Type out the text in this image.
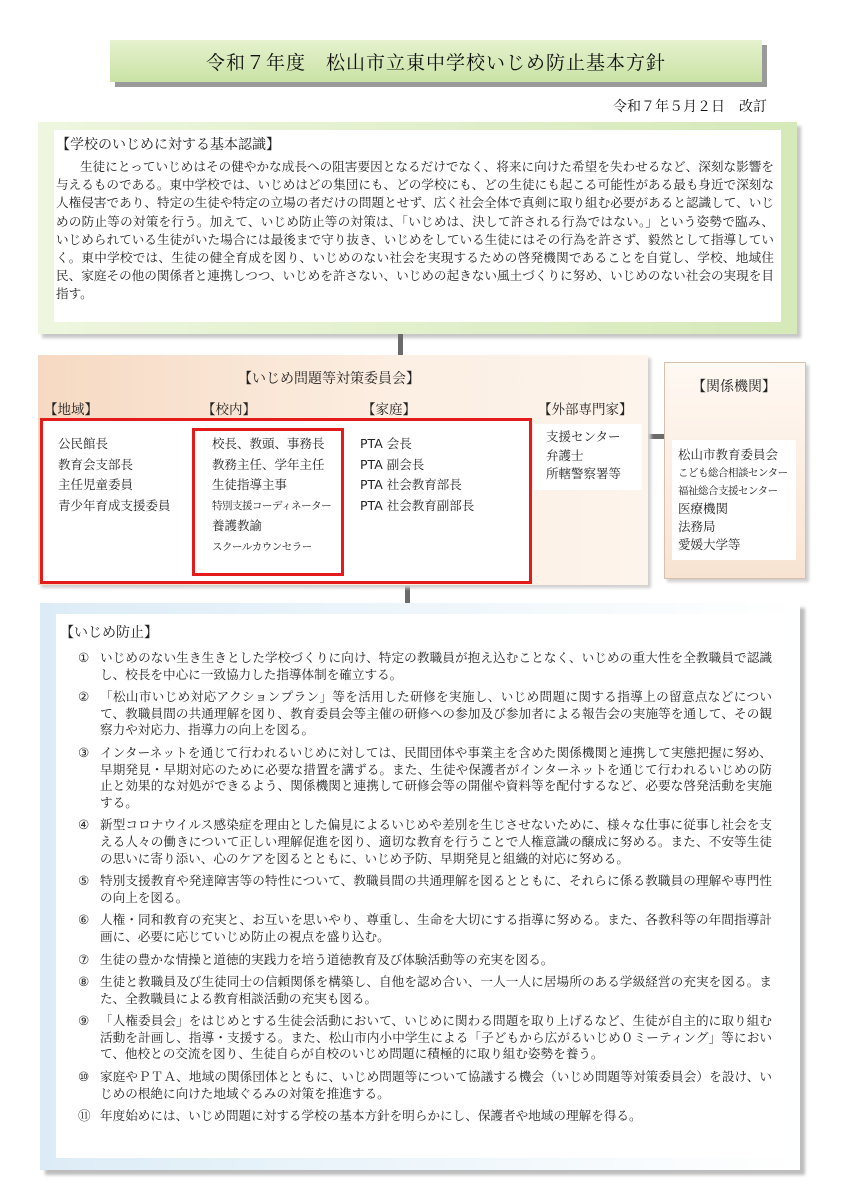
令和７年度　松山市立東中学校いじめ防止基本方針
令和７年５月２日　改訂
【学校のいじめに対する基本認識】
生徒にとっていじめはその健やかな成長への阻害要因となるだけでなく、将来に向けた希望を失わせるなど、深刻な影響を与えるものである。東中学校では、いじめはどの集団にも、どの学校にも、どの生徒にも起こる可能性がある最も身近で深刻な人権侵害であり、特定の生徒や特定の立場の者だけの問題とせず、広く社会全体で真剣に取り組む必要があると認識して、いじめの防止等の対策を行う。加えて、いじめ防止等の対策は、「いじめは、決して許される行為ではない。」という姿勢で臨み、いじめられている生徒がいた場合には最後まで守り抜き、いじめをしている生徒にはその行為を許さず、毅然として指導していく。東中学校では、生徒の健全育成を図り、いじめのない社会を実現するための啓発機関であることを自覚し、学校、地域住民、家庭その他の関係者と連携しつつ、いじめを許さない、いじめの起きない風土づくりに努め、いじめのない社会の実現を目指す。
【いじめ問題等対策委員会】
【地域】	【校内】	【家庭】	【外部専門家】
公民館長
教育会支部長
主任児童委員
青少年育成支援委員
校長、教頭、事務長
教務主任、学年主任
生徒指導主事
特別支援コーディネーター
養護教諭
スクールカウンセラー
PTA 会長
PTA 副会長
PTA 社会教育部長
PTA 社会教育副部長
支援センター
弁護士
所轄警察署等
【関係機関】
松山市教育委員会
こども総合相談センター
福祉総合支援センター
医療機関
法務局
愛媛大学等
【いじめ防止】
① いじめのない生き生きとした学校づくりに向け、特定の教職員が抱え込むことなく、いじめの重大性を全教職員で認識し、校長を中心に一致協力した指導体制を確立する。
② 「松山市いじめ対応アクションプラン」等を活用した研修を実施し、いじめ問題に関する指導上の留意点などについて、教職員間の共通理解を図り、教育委員会等主催の研修への参加及び参加者による報告会の実施等を通して、その観察力や対応力、指導力の向上を図る。
③ インターネットを通じて行われるいじめに対しては、民間団体や事業主を含めた関係機関と連携して実態把握に努め、早期発見・早期対応のために必要な措置を講ずる。また、生徒や保護者がインターネットを通じて行われるいじめの防止と効果的な対処ができるよう、関係機関と連携して研修会等の開催や資料等を配付するなど、必要な啓発活動を実施する。
④ 新型コロナウイルス感染症を理由とした偏見によるいじめや差別を生じさせないために、様々な仕事に従事し社会を支える人々の働きについて正しい理解促進を図り、適切な教育を行うことで人権意識の醸成に努める。また、不安等生徒の思いに寄り添い、心のケアを図るとともに、いじめ予防、早期発見と組織的対応に努める。
⑤ 特別支援教育や発達障害等の特性について、教職員間の共通理解を図るとともに、それらに係る教職員の理解や専門性の向上を図る。
⑥ 人権・同和教育の充実と、お互いを思いやり、尊重し、生命を大切にする指導に努める。また、各教科等の年間指導計画に、必要に応じていじめ防止の視点を盛り込む。
⑦ 生徒の豊かな情操と道徳的実践力を培う道徳教育及び体験活動等の充実を図る。
⑧ 生徒と教職員及び生徒同士の信頼関係を構築し、自他を認め合い、一人一人に居場所のある学級経営の充実を図る。また、全教職員による教育相談活動の充実も図る。
⑨ 「人権委員会」をはじめとする生徒会活動において、いじめに関わる問題を取り上げるなど、生徒が自主的に取り組む活動を計画し、指導・支援する。また、松山市内小中学生による「子どもから広がるいじめ０ミーティング」等において、他校との交流を図り、生徒自らが自校のいじめ問題に積極的に取り組む姿勢を養う。
⑩ 家庭やＰＴＡ、地域の関係団体とともに、いじめ問題等について協議する機会（いじめ問題等対策委員会）を設け、いじめの根絶に向けた地域ぐるみの対策を推進する。
⑪ 年度始めには、いじめ問題に対する学校の基本方針を明らかにし、保護者や地域の理解を得る。
